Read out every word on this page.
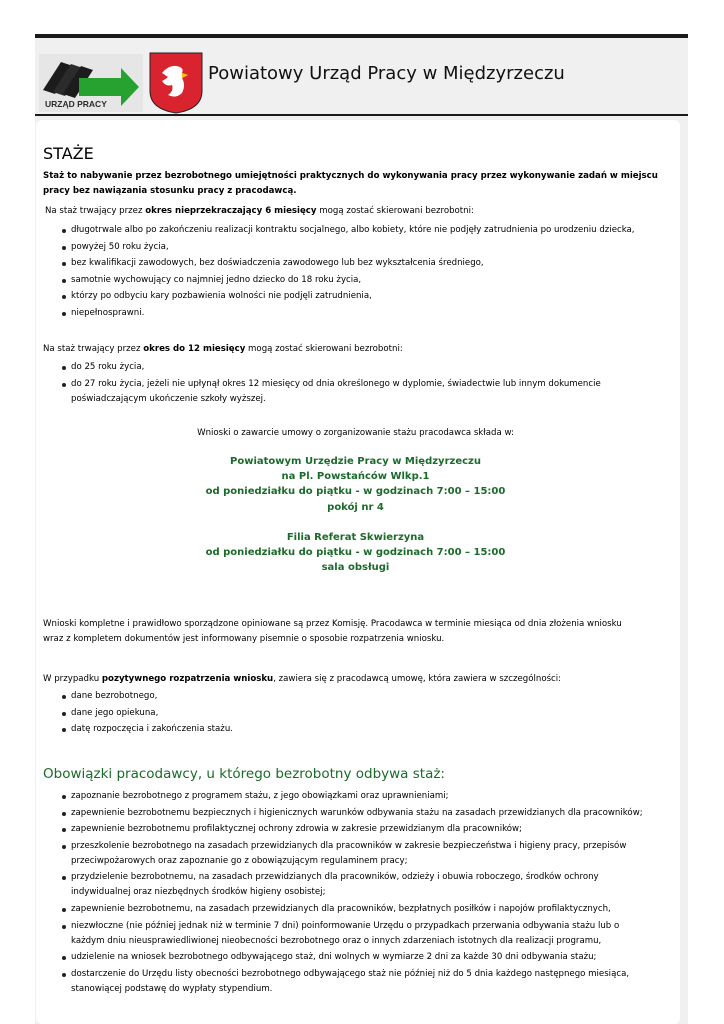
URZĄD PRACY
Powiatowy Urząd Pracy w Międzyrzeczu
STAŻE
Staż to nabywanie przez bezrobotnego umiejętności praktycznych do wykonywania pracy przez wykonywanie zadań w miejscu pracy bez nawiązania stosunku pracy z pracodawcą.
Na staż trwający przez okres nieprzekraczający 6 miesięcy mogą zostać skierowani bezrobotni:
długotrwale albo po zakończeniu realizacji kontraktu socjalnego, albo kobiety, które nie podjęły zatrudnienia po urodzeniu dziecka,
powyżej 50 roku życia,
bez kwalifikacji zawodowych, bez doświadczenia zawodowego lub bez wykształcenia średniego,
samotnie wychowujący co najmniej jedno dziecko do 18 roku życia,
którzy po odbyciu kary pozbawienia wolności nie podjęli zatrudnienia,
niepełnosprawni.
Na staż trwający przez okres do 12 miesięcy mogą zostać skierowani bezrobotni:
do 25 roku życia,
do 27 roku życia, jeżeli nie upłynął okres 12 miesięcy od dnia określonego w dyplomie, świadectwie lub innym dokumencie poświadczającym ukończenie szkoły wyższej.
Wnioski o zawarcie umowy o zorganizowanie stażu pracodawca składa w:
Powiatowym Urzędzie Pracy w Międzyrzeczu
na Pl. Powstańców Wlkp.1
od poniedziałku do piątku - w godzinach 7:00 – 15:00
pokój nr 4
Filia Referat Skwierzyna
od poniedziałku do piątku - w godzinach 7:00 – 15:00
sala obsługi
Wnioski kompletne i prawidłowo sporządzone opiniowane są przez Komisję. Pracodawca w terminie miesiąca od dnia złożenia wniosku wraz z kompletem dokumentów jest informowany pisemnie o sposobie rozpatrzenia wniosku.
W przypadku pozytywnego rozpatrzenia wniosku, zawiera się z pracodawcą umowę, która zawiera w szczególności:
dane bezrobotnego,
dane jego opiekuna,
datę rozpoczęcia i zakończenia stażu.
Obowiązki pracodawcy, u którego bezrobotny odbywa staż:
zapoznanie bezrobotnego z programem stażu, z jego obowiązkami oraz uprawnieniami;
zapewnienie bezrobotnemu bezpiecznych i higienicznych warunków odbywania stażu na zasadach przewidzianych dla pracowników;
zapewnienie bezrobotnemu profilaktycznej ochrony zdrowia w zakresie przewidzianym dla pracowników;
przeszkolenie bezrobotnego na zasadach przewidzianych dla pracowników w zakresie bezpieczeństwa i higieny pracy, przepisów przeciwpożarowych oraz zapoznanie go z obowiązującym regulaminem pracy;
przydzielenie bezrobotnemu, na zasadach przewidzianych dla pracowników, odzieży i obuwia roboczego, środków ochrony indywidualnej oraz niezbędnych środków higieny osobistej;
zapewnienie bezrobotnemu, na zasadach przewidzianych dla pracowników, bezpłatnych posiłków i napojów profilaktycznych,
niezwłoczne (nie później jednak niż w terminie 7 dni) poinformowanie Urzędu o przypadkach przerwania odbywania stażu lub o każdym dniu nieusprawiedliwionej nieobecności bezrobotnego oraz o innych zdarzeniach istotnych dla realizacji programu,
udzielenie na wniosek bezrobotnego odbywającego staż, dni wolnych w wymiarze 2 dni za każde 30 dni odbywania stażu;
dostarczenie do Urzędu listy obecności bezrobotnego odbywającego staż nie później niż do 5 dnia każdego następnego miesiąca, stanowiącej podstawę do wypłaty stypendium.
